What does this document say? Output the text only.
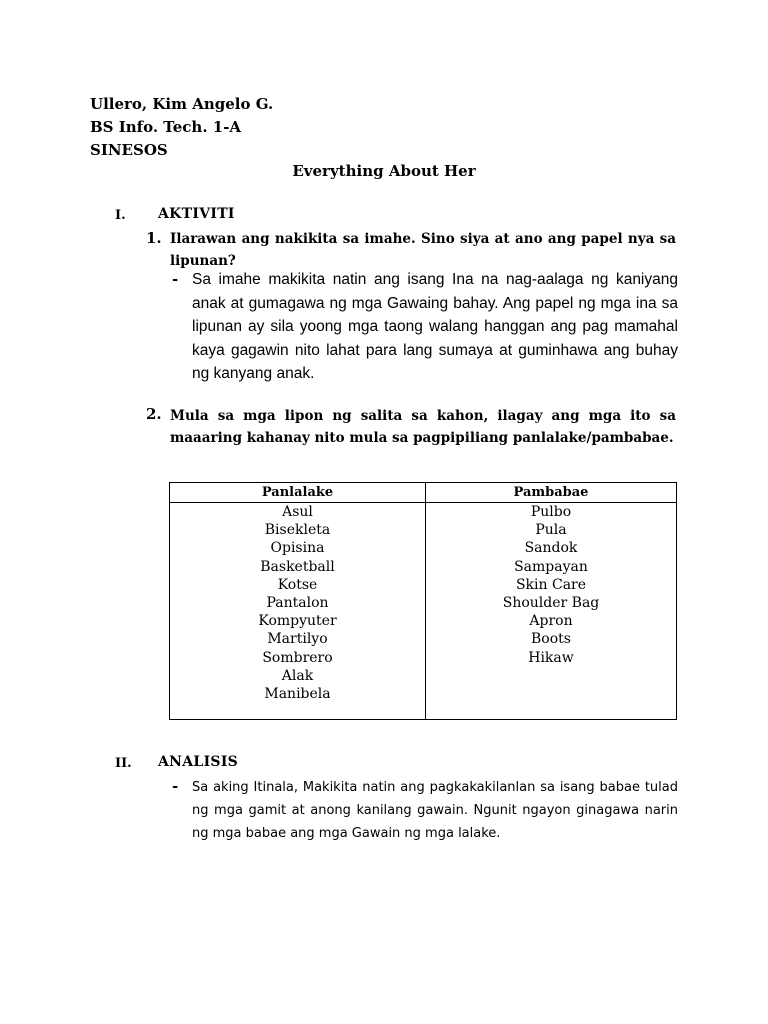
Ullero, Kim Angelo G.
BS Info. Tech. 1-A
SINESOS
Everything About Her
I. AKTIVITI
1. Ilarawan ang nakikita sa imahe. Sino siya at ano ang papel nya sa lipunan?
- Sa imahe makikita natin ang isang Ina na nag-aalaga ng kaniyang anak at gumagawa ng mga Gawaing bahay. Ang papel ng mga ina sa lipunan ay sila yoong mga taong walang hanggan ang pag mamahal kaya gagawin nito lahat para lang sumaya at guminhawa ang buhay ng kanyang anak.
2. Mula sa mga lipon ng salita sa kahon, ilagay ang mga ito sa maaaring kahanay nito mula sa pagpipiliang panlalake/pambabae.
Panlalake
Asul
Bisekleta
Opisina
Basketball
Kotse
Pantalon
Kompyuter
Martilyo
Sombrero
Alak
Manibela
Pambabae
Pulbo
Pula
Sandok
Sampayan
Skin Care
Shoulder Bag
Apron
Boots
Hikaw
II. ANALISIS
- Sa aking Itinala, Makikita natin ang pagkakakilanlan sa isang babae tulad ng mga gamit at anong kanilang gawain. Ngunit ngayon ginagawa narin ng mga babae ang mga Gawain ng mga lalake.
